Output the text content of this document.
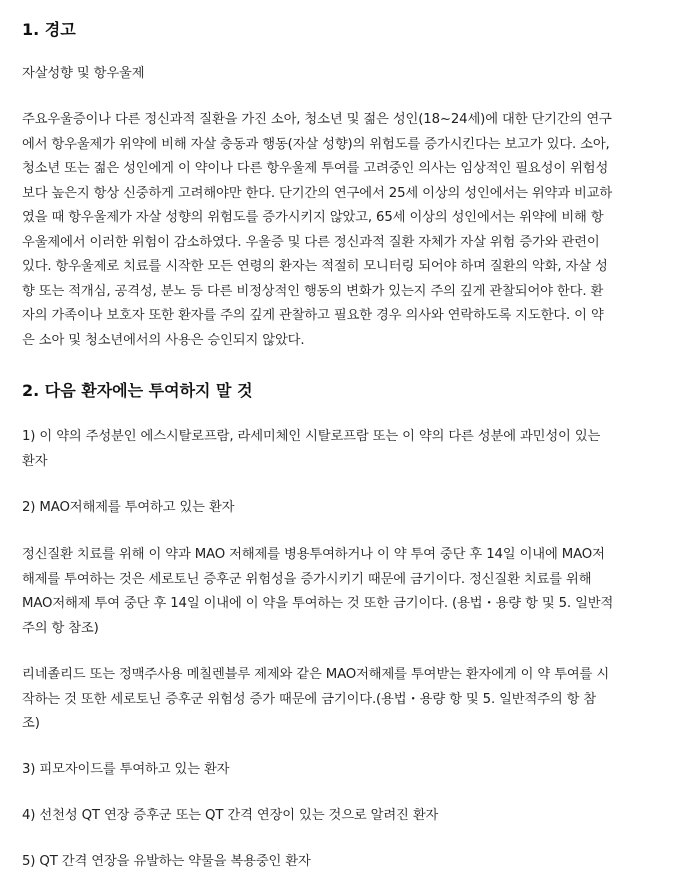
1. 경고

자살성향 및 항우울제

주요우울증이나 다른 정신과적 질환을 가진 소아, 청소년 및 젊은 성인(18~24세)에 대한 단기간의 연구
에서 항우울제가 위약에 비해 자살 충동과 행동(자살 성향)의 위험도를 증가시킨다는 보고가 있다. 소아,
청소년 또는 젊은 성인에게 이 약이나 다른 항우울제 투여를 고려중인 의사는 임상적인 필요성이 위험성
보다 높은지 항상 신중하게 고려해야만 한다. 단기간의 연구에서 25세 이상의 성인에서는 위약과 비교하
였을 때 항우울제가 자살 성향의 위험도를 증가시키지 않았고, 65세 이상의 성인에서는 위약에 비해 항
우울제에서 이러한 위험이 감소하였다. 우울증 및 다른 정신과적 질환 자체가 자살 위험 증가와 관련이
있다. 항우울제로 치료를 시작한 모든 연령의 환자는 적절히 모니터링 되어야 하며 질환의 악화, 자살 성
향 또는 적개심, 공격성, 분노 등 다른 비정상적인 행동의 변화가 있는지 주의 깊게 관찰되어야 한다. 환
자의 가족이나 보호자 또한 환자를 주의 깊게 관찰하고 필요한 경우 의사와 연락하도록 지도한다. 이 약
은 소아 및 청소년에서의 사용은 승인되지 않았다.
2. 다음 환자에는 투여하지 말 것
1) 이 약의 주성분인 에스시탈로프람, 라세미체인 시탈로프람 또는 이 약의 다른 성분에 과민성이 있는
환자

2) MAO저해제를 투여하고 있는 환자

정신질환 치료를 위해 이 약과 MAO 저해제를 병용투여하거나 이 약 투여 중단 후 14일 이내에 MAO저
해제를 투여하는 것은 세로토닌 증후군 위험성을 증가시키기 때문에 금기이다. 정신질환 치료를 위해
MAO저해제 투여 중단 후 14일 이내에 이 약을 투여하는 것 또한 금기이다. (용법・용량 항 및 5. 일반적
주의 항 참조)
리네졸리드 또는 정맥주사용 메칠렌블루 제제와 같은 MAO저해제를 투여받는 환자에게 이 약 투여를 시
작하는 것 또한 세로토닌 증후군 위험성 증가 때문에 금기이다.(용법・용량 항 및 5. 일반적주의 항 참
조)

3) 피모자이드를 투여하고 있는 환자

4) 선천성 QT 연장 증후군 또는 QT 간격 연장이 있는 것으로 알려진 환자

5) QT 간격 연장을 유발하는 약물을 복용중인 환자
